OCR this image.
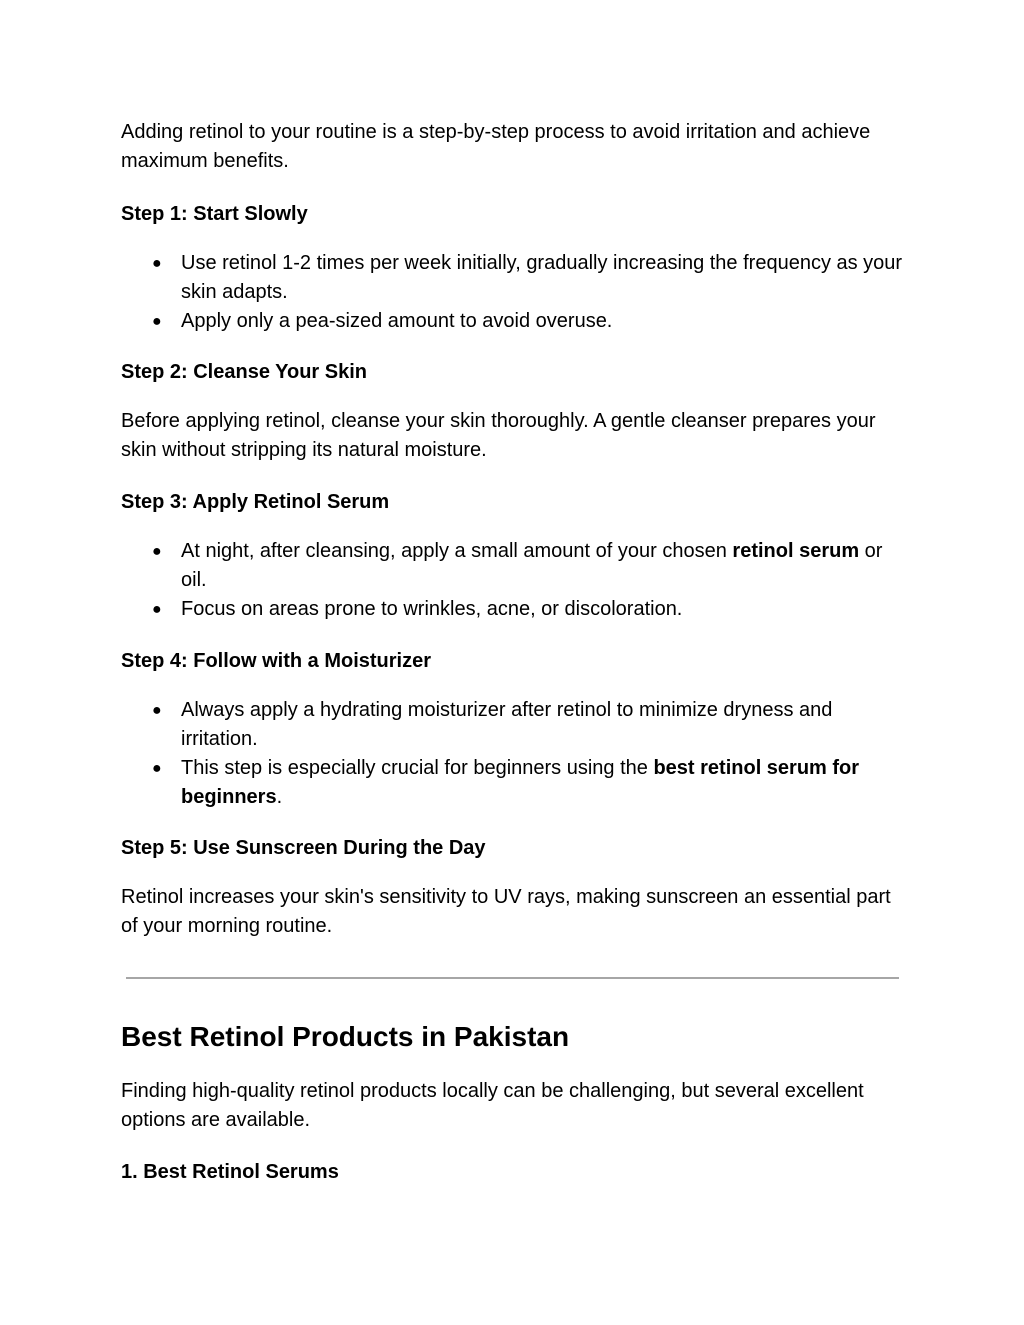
Adding retinol to your routine is a step-by-step process to avoid irritation and achieve maximum benefits.

Step 1: Start Slowly
● Use retinol 1-2 times per week initially, gradually increasing the frequency as your skin adapts.
● Apply only a pea-sized amount to avoid overuse.
Step 2: Cleanse Your Skin

Before applying retinol, cleanse your skin thoroughly. A gentle cleanser prepares your skin without stripping its natural moisture.

Step 3: Apply Retinol Serum
● At night, after cleansing, apply a small amount of your chosen retinol serum or oil.
● Focus on areas prone to wrinkles, acne, or discoloration.
Step 4: Follow with a Moisturizer
● Always apply a hydrating moisturizer after retinol to minimize dryness and irritation.
● This step is especially crucial for beginners using the best retinol serum for beginners.
Step 5: Use Sunscreen During the Day

Retinol increases your skin's sensitivity to UV rays, making sunscreen an essential part of your morning routine.

Best Retinol Products in Pakistan

Finding high-quality retinol products locally can be challenging, but several excellent options are available.

1. Best Retinol Serums
